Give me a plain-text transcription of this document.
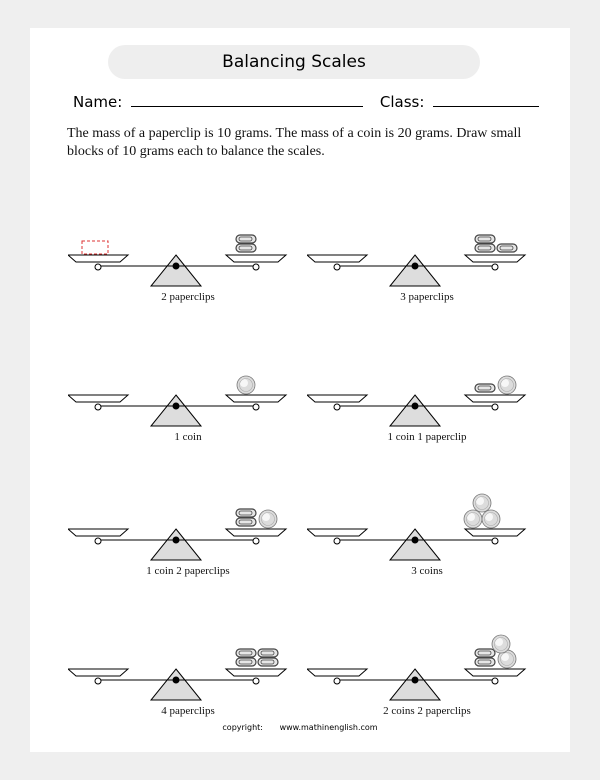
Balancing Scales
Name:	Class:
The mass of a paperclip is 10 grams. The mass of a coin is 20 grams. Draw small blocks of 10 grams each to balance the scales.
2 paperclips	3 paperclips
1 coin	1 coin 1 paperclip
1 coin 2 paperclips	3 coins
4 paperclips	2 coins 2 paperclips
copyright: www.mathinenglish.com
